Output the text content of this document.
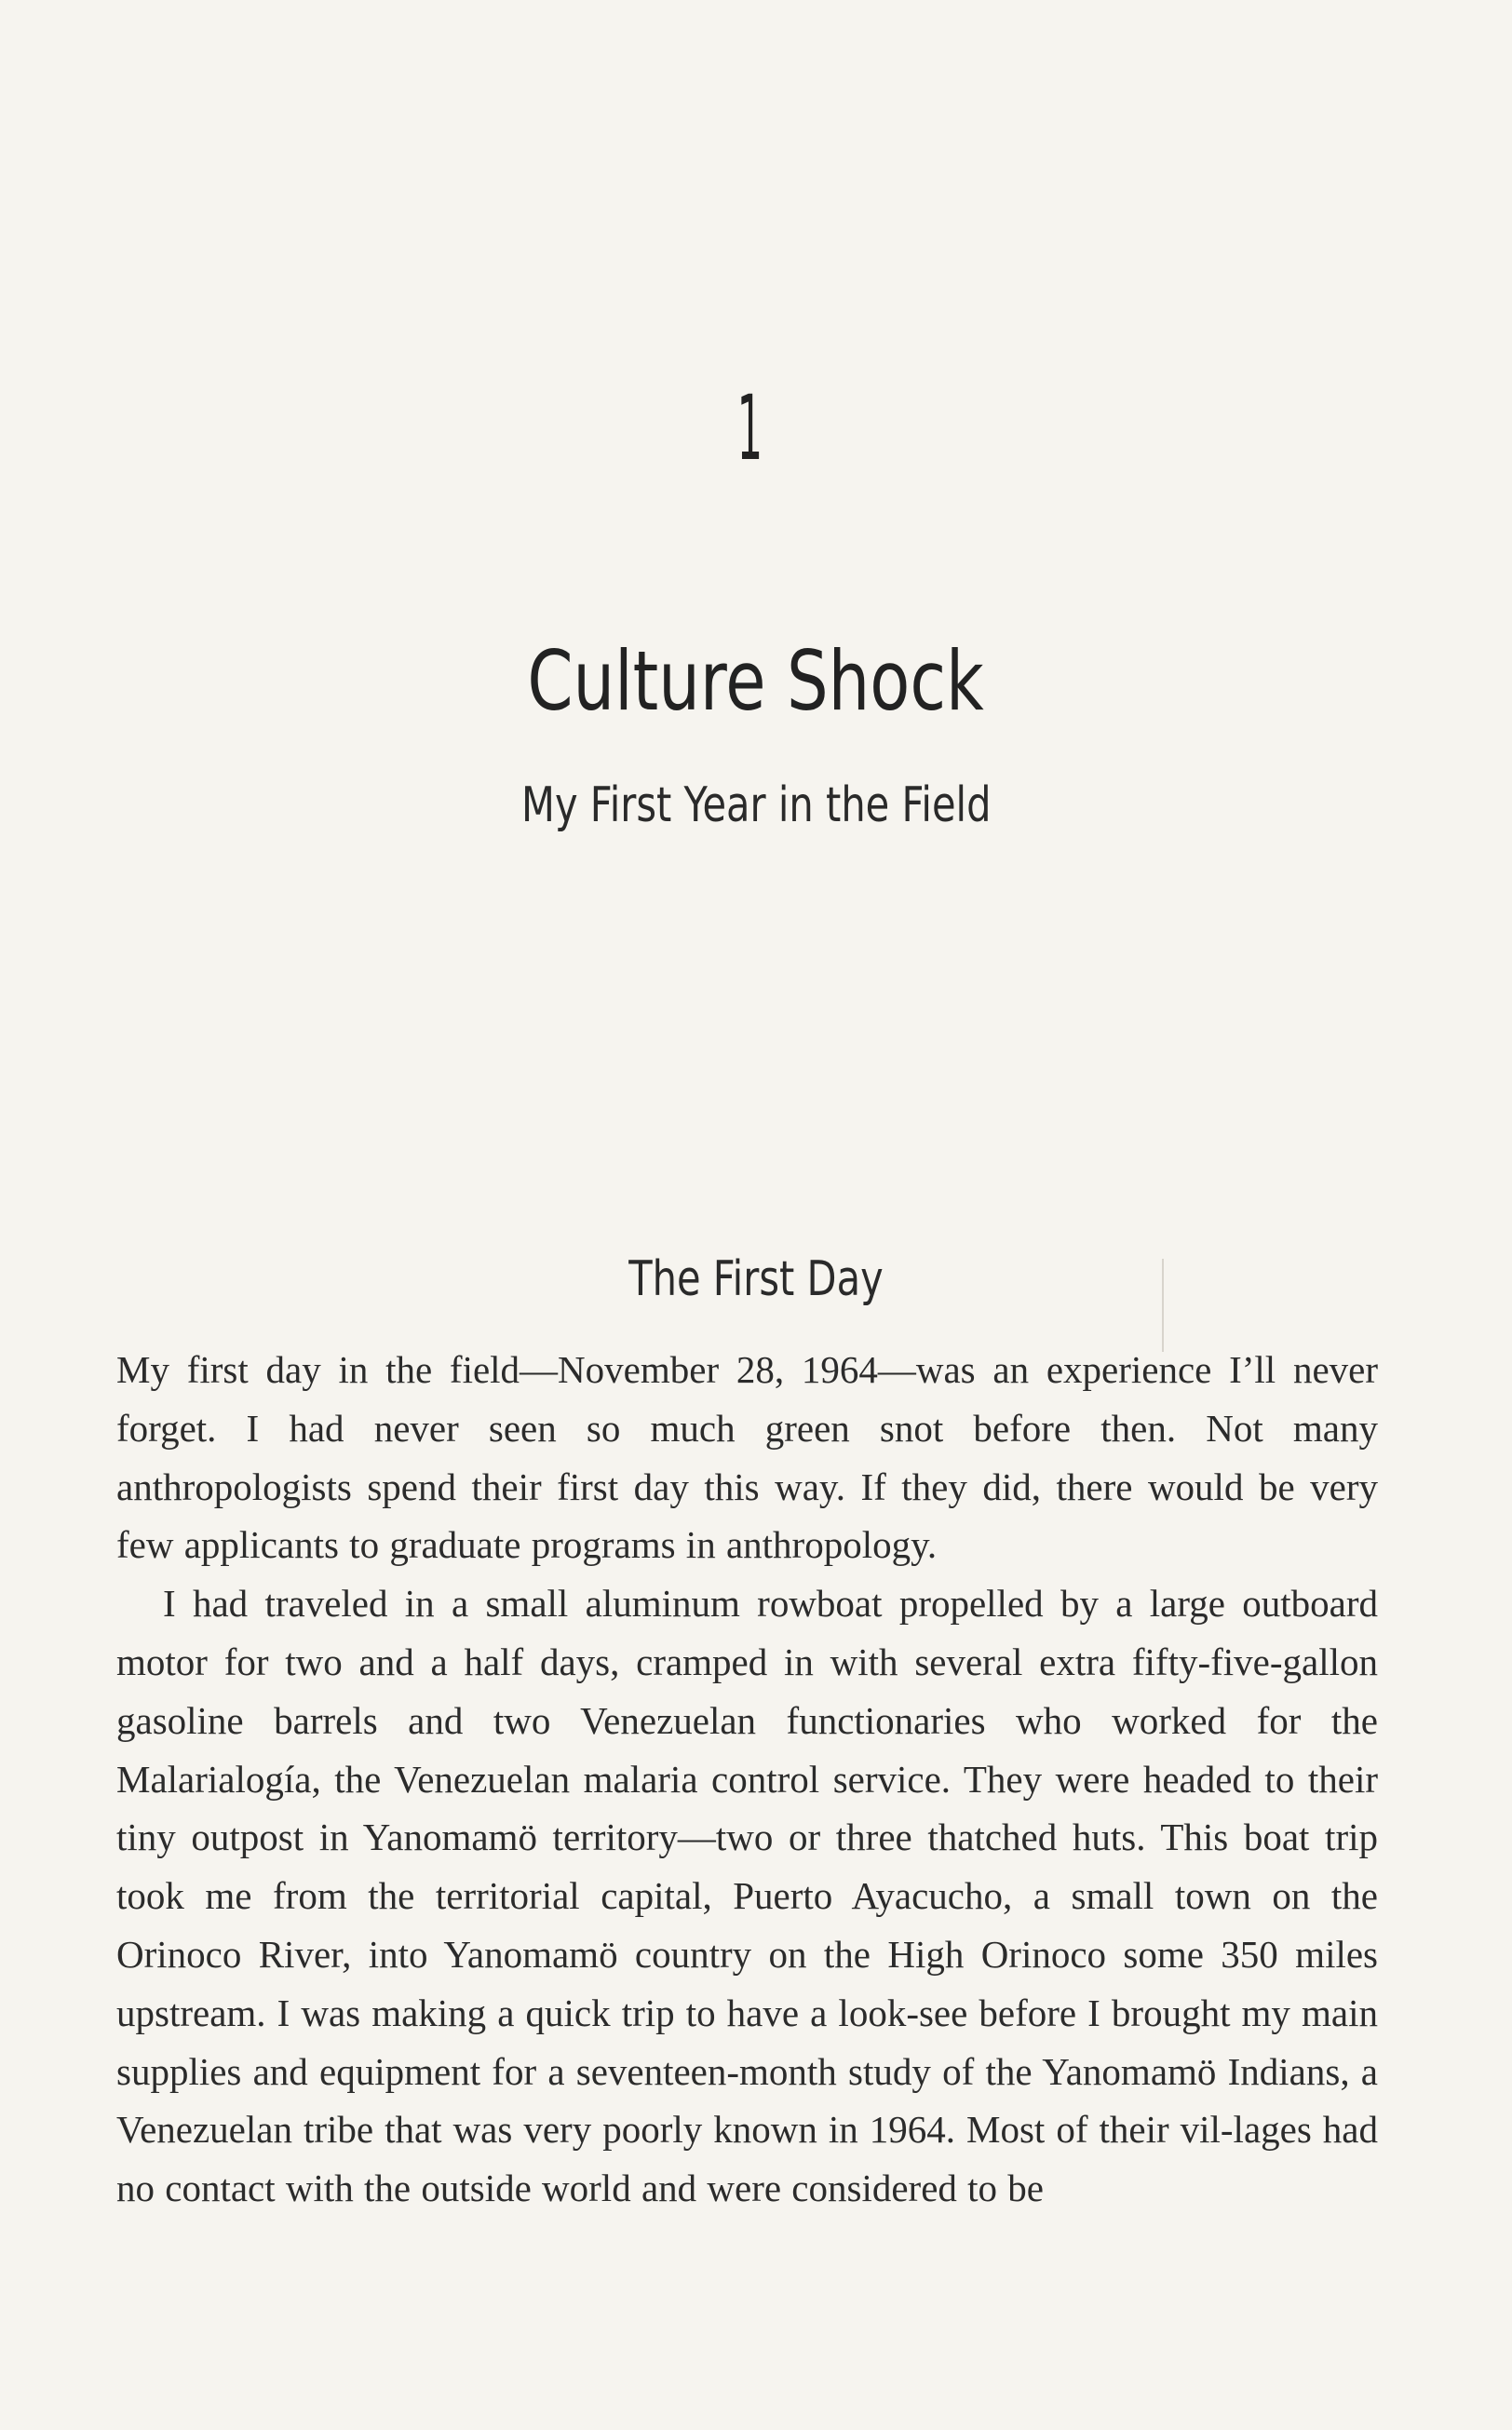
1
Culture Shock
My First Year in the Field
The First Day

My first day in the field—November 28, 1964—was an experience I’ll never forget. I had never seen so much green snot before then. Not many anthropologists spend their first day this way. If they did, there would be very few applicants to graduate programs in anthropology.

I had traveled in a small aluminum rowboat propelled by a large outboard motor for two and a half days, cramped in with several extra fifty-five-gallon gasoline barrels and two Venezuelan functionaries who worked for the Malarialogía, the Venezuelan malaria control service. They were headed to their tiny outpost in Yanomamö territory—two or three thatched huts. This boat trip took me from the territorial capital, Puerto Ayacucho, a small town on the Orinoco River, into Yanomamö country on the High Orinoco some 350 miles upstream. I was making a quick trip to have a look-see before I brought my main supplies and equipment for a seventeen-month study of the Yanomamö Indians, a Venezuelan tribe that was very poorly known in 1964. Most of their vil-lages had no contact with the outside world and were considered to be
